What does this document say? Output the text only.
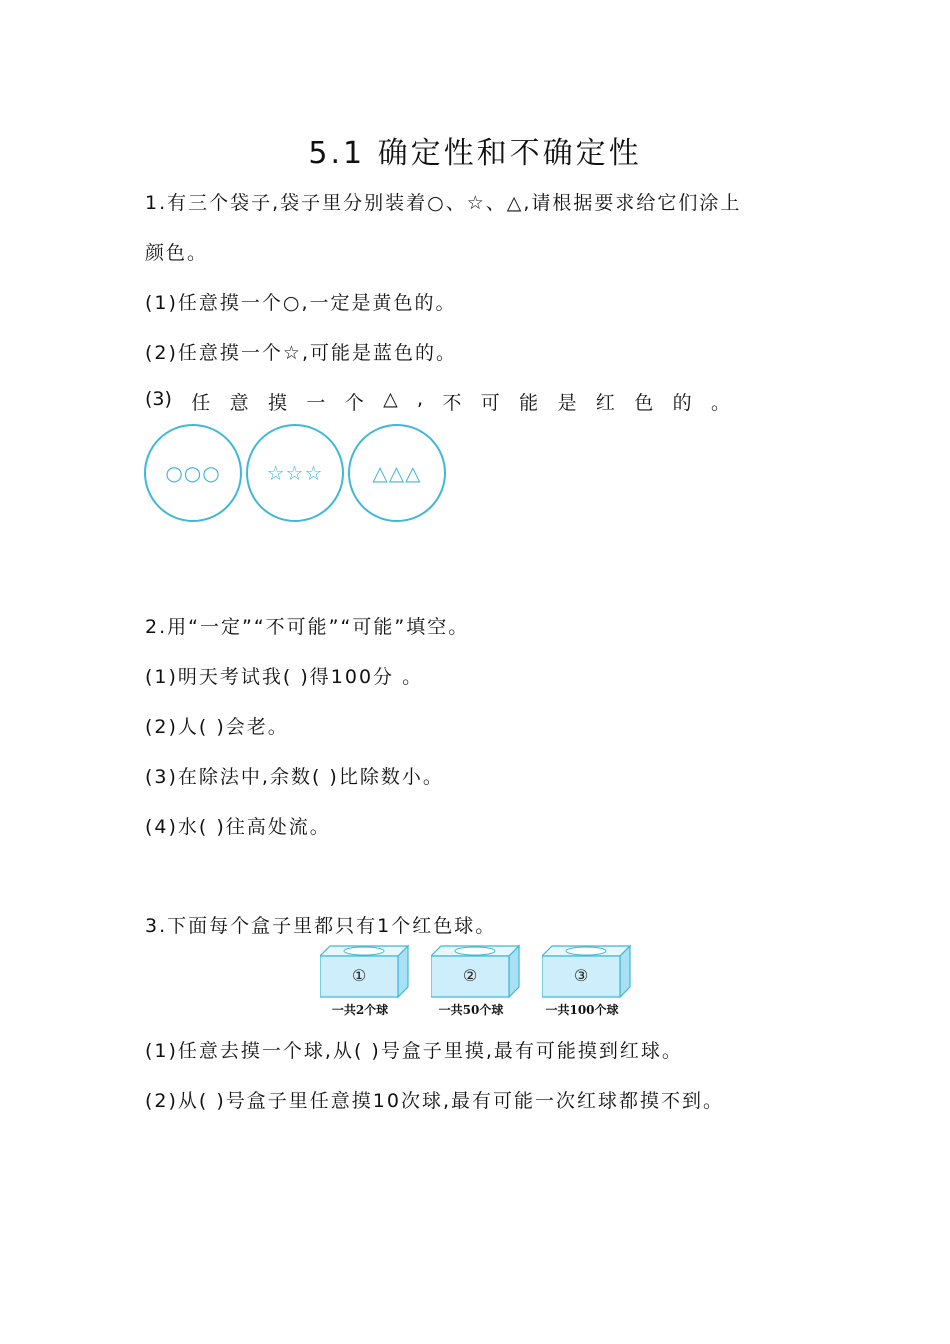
5.1 确定性和不确定性
1.有三个袋子,袋子里分别装着○、☆、△,请根据要求给它们涂上
颜色。
(1)任意摸一个○,一定是黄色的。
(2)任意摸一个☆,可能是蓝色的。
(3) 任 意 摸 一 个 △ , 不 可 能 是 红 色 的 。
○○○	☆☆☆	△△△
2.用“一定”“不可能”“可能”填空。
(1)明天考试我( )得100分 。
(2)人( )会老。
(3)在除法中,余数( )比除数小。
(4)水( )往高处流。
3.下面每个盒子里都只有1个红色球。
①
一共2个球
②
一共50个球
③
一共100个球
(1)任意去摸一个球,从( )号盒子里摸,最有可能摸到红球。
(2)从( )号盒子里任意摸10次球,最有可能一次红球都摸不到。
